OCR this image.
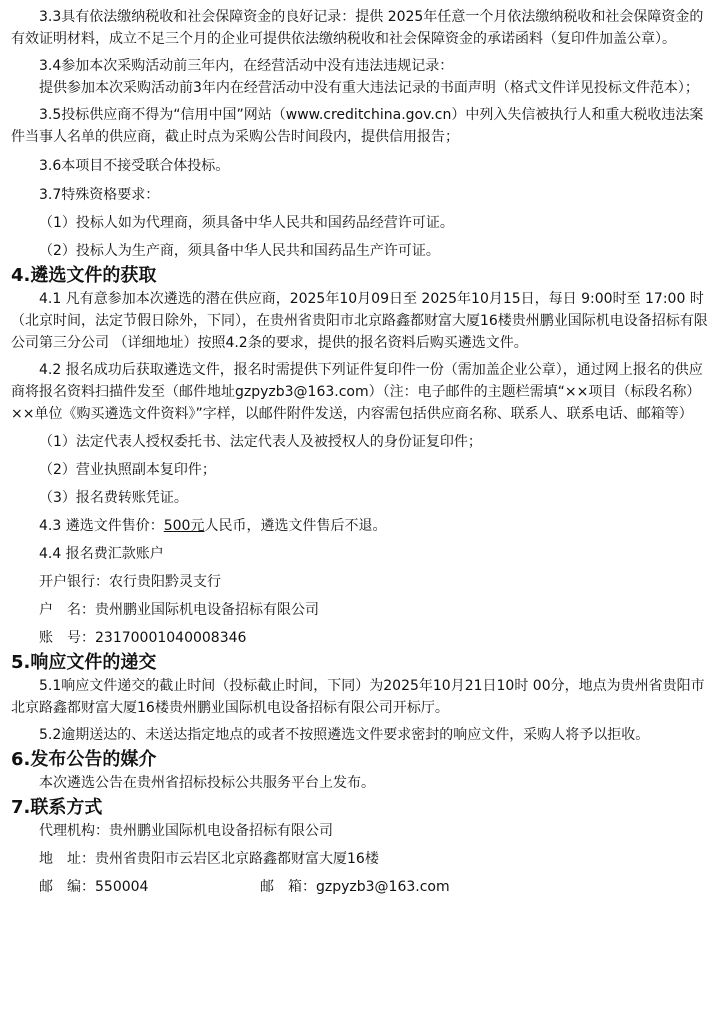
3.3具有依法缴纳税收和社会保障资金的良好记录：提供 2025年任意一个月依法缴纳税收和社会保障资金的有效证明材料，成立不足三个月的企业可提供依法缴纳税收和社会保障资金的承诺函料（复印件加盖公章）。

3.4参加本次采购活动前三年内，在经营活动中没有违法违规记录：

提供参加本次采购活动前3年内在经营活动中没有重大违法记录的书面声明（格式文件详见投标文件范本）；

3.5投标供应商不得为“信用中国”网站（www.creditchina.gov.cn）中列入失信被执行人和重大税收违法案件当事人名单的供应商，截止时点为采购公告时间段内，提供信用报告；

3.6本项目不接受联合体投标。

3.7特殊资格要求：

（1）投标人如为代理商，须具备中华人民共和国药品经营许可证。

（2）投标人为生产商，须具备中华人民共和国药品生产许可证。

4.遴选文件的获取

4.1 凡有意参加本次遴选的潜在供应商，2025年10月09日至 2025年10月15日，每日 9:00时至 17:00 时（北京时间，法定节假日除外，下同），在贵州省贵阳市北京路鑫都财富大厦16楼贵州鹏业国际机电设备招标有限公司第三分公司 （详细地址）按照4.2条的要求，提供的报名资料后购买遴选文件。

4.2 报名成功后获取遴选文件，报名时需提供下列证件复印件一份（需加盖企业公章），通过网上报名的供应商将报名资料扫描件发至（邮件地址gzpyzb3@163.com）（注：电子邮件的主题栏需填“××项目（标段名称）××单位《购买遴选文件资料》”字样，以邮件附件发送，内容需包括供应商名称、联系人、联系电话、邮箱等）

（1）法定代表人授权委托书、法定代表人及被授权人的身份证复印件；

（2）营业执照副本复印件；

（3）报名费转账凭证。

4.3 遴选文件售价：500元人民币，遴选文件售后不退。

4.4 报名费汇款账户

开户银行：农行贵阳黔灵支行

户　名：贵州鹏业国际机电设备招标有限公司

账　号：23170001040008346

5.响应文件的递交

5.1响应文件递交的截止时间（投标截止时间，下同）为2025年10月21日10时 00分，地点为贵州省贵阳市北京路鑫都财富大厦16楼贵州鹏业国际机电设备招标有限公司开标厅。

5.2逾期送达的、未送达指定地点的或者不按照遴选文件要求密封的响应文件，采购人将予以拒收。

6.发布公告的媒介

本次遴选公告在贵州省招标投标公共服务平台上发布。

7.联系方式

代理机构：贵州鹏业国际机电设备招标有限公司

地　址：贵州省贵阳市云岩区北京路鑫都财富大厦16楼

邮　编：550004	邮　箱：gzpyzb3@163.com
